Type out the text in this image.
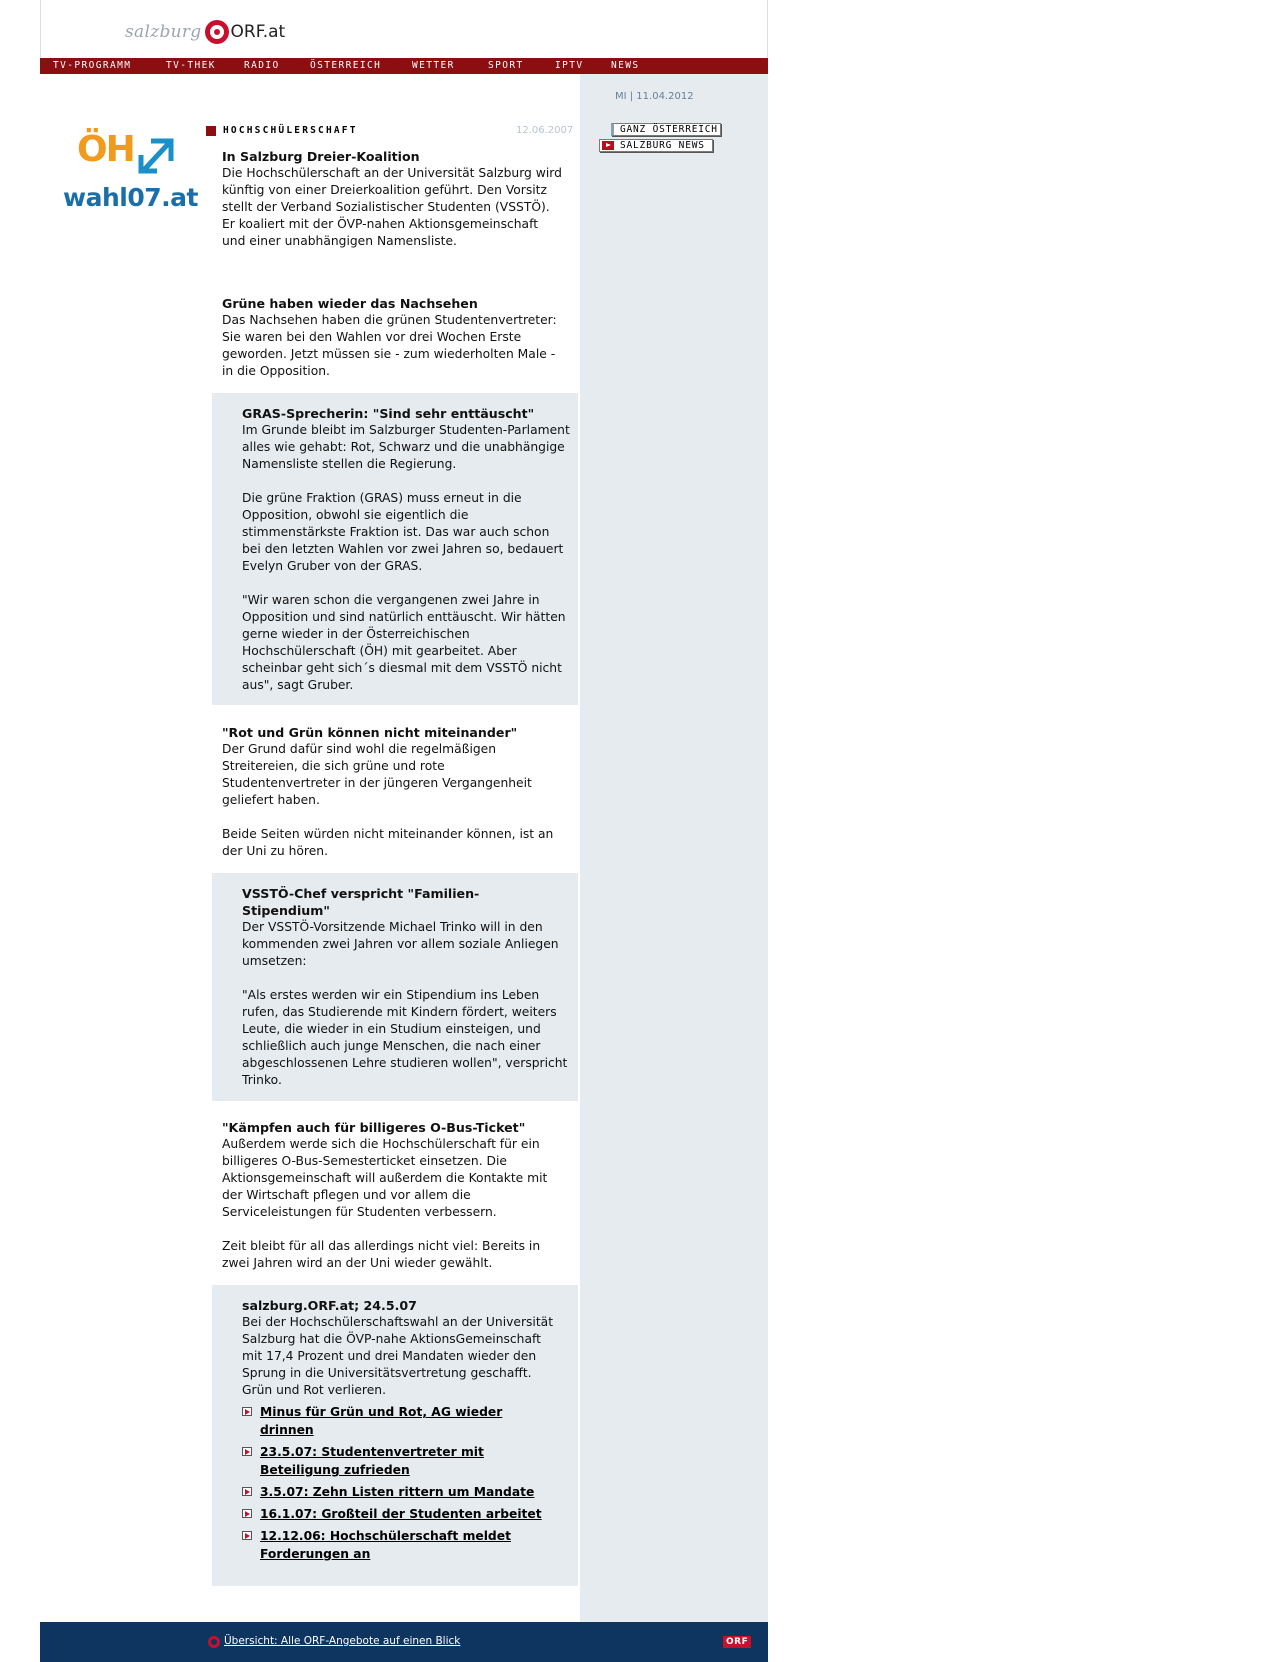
salzburg ORF.at
TV-PROGRAMM	TV-THEK	RADIO	ÖSTERREICH	WETTER	SPORT	IPTV	NEWS
MI | 11.04.2012
GANZ ÖSTERREICH
SALZBURG NEWS
ÖH
wahl07.at
HOCHSCHÜLERSCHAFT	12.06.2007
In Salzburg Dreier-Koalition

Die Hochschülerschaft an der Universität Salzburg wird künftig von einer Dreierkoalition geführt. Den Vorsitz stellt der Verband Sozialistischer Studenten (VSSTÖ). Er koaliert mit der ÖVP-nahen Aktionsgemeinschaft und einer unabhängigen Namensliste.

Grüne haben wieder das Nachsehen

Das Nachsehen haben die grünen Studentenvertreter: Sie waren bei den Wahlen vor drei Wochen Erste geworden. Jetzt müssen sie - zum wiederholten Male - in die Opposition.

GRAS-Sprecherin: "Sind sehr enttäuscht"

Im Grunde bleibt im Salzburger Studenten-Parlament alles wie gehabt: Rot, Schwarz und die unabhängige Namensliste stellen die Regierung.

Die grüne Fraktion (GRAS) muss erneut in die Opposition, obwohl sie eigentlich die stimmenstärkste Fraktion ist. Das war auch schon bei den letzten Wahlen vor zwei Jahren so, bedauert Evelyn Gruber von der GRAS.

"Wir waren schon die vergangenen zwei Jahre in Opposition und sind natürlich enttäuscht. Wir hätten gerne wieder in der Österreichischen Hochschülerschaft (ÖH) mit gearbeitet. Aber scheinbar geht sich´s diesmal mit dem VSSTÖ nicht aus", sagt Gruber.

"Rot und Grün können nicht miteinander"

Der Grund dafür sind wohl die regelmäßigen Streitereien, die sich grüne und rote Studentenvertreter in der jüngeren Vergangenheit geliefert haben.

Beide Seiten würden nicht miteinander können, ist an der Uni zu hören.

VSSTÖ-Chef verspricht "Familien-Stipendium"

Der VSSTÖ-Vorsitzende Michael Trinko will in den kommenden zwei Jahren vor allem soziale Anliegen umsetzen:

"Als erstes werden wir ein Stipendium ins Leben rufen, das Studierende mit Kindern fördert, weiters Leute, die wieder in ein Studium einsteigen, und schließlich auch junge Menschen, die nach einer abgeschlossenen Lehre studieren wollen", verspricht Trinko.

"Kämpfen auch für billigeres O-Bus-Ticket"

Außerdem werde sich die Hochschülerschaft für ein billigeres O-Bus-Semesterticket einsetzen. Die Aktionsgemeinschaft will außerdem die Kontakte mit der Wirtschaft pflegen und vor allem die Serviceleistungen für Studenten verbessern.

Zeit bleibt für all das allerdings nicht viel: Bereits in zwei Jahren wird an der Uni wieder gewählt.

salzburg.ORF.at; 24.5.07

Bei der Hochschülerschaftswahl an der Universität Salzburg hat die ÖVP-nahe AktionsGemeinschaft mit 17,4 Prozent und drei Mandaten wieder den Sprung in die Universitätsvertretung geschafft. Grün und Rot verlieren.

Minus für Grün und Rot, AG wieder drinnen
23.5.07: Studentenvertreter mit Beteiligung zufrieden
3.5.07: Zehn Listen rittern um Mandate
16.1.07: Großteil der Studenten arbeitet
12.12.06: Hochschülerschaft meldet Forderungen an
Übersicht: Alle ORF-Angebote auf einen Blick	ORF
